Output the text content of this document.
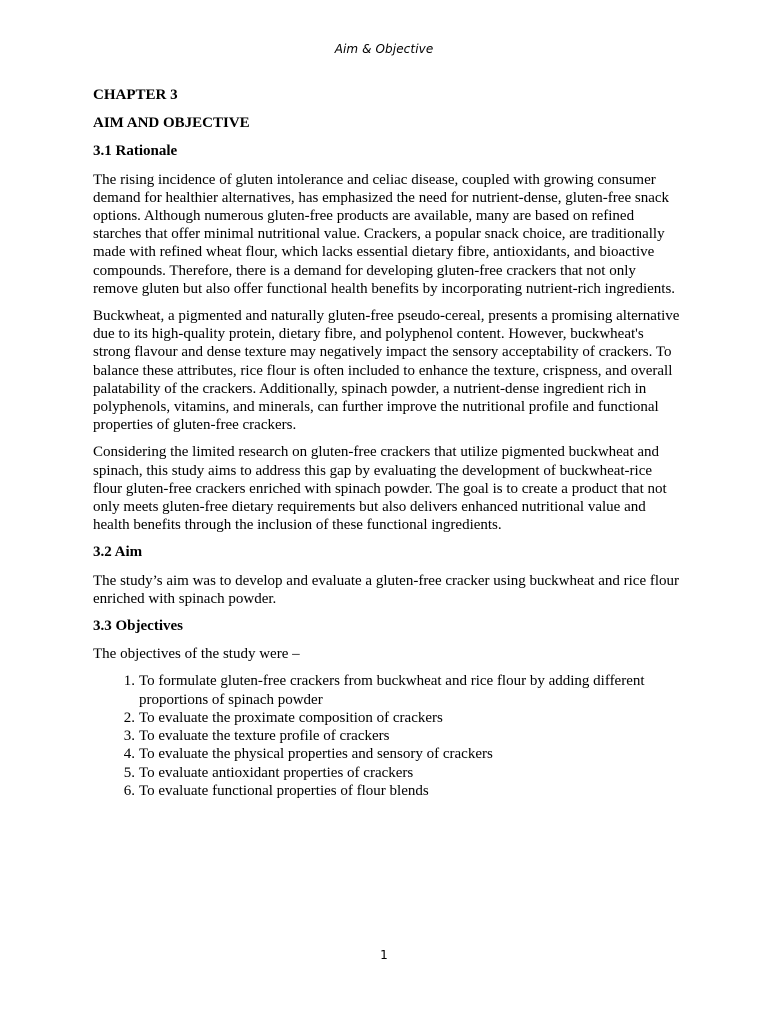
Aim & Objective
CHAPTER 3
AIM AND OBJECTIVE
3.1 Rationale

The rising incidence of gluten intolerance and celiac disease, coupled with growing consumer demand for healthier alternatives, has emphasized the need for nutrient-dense, gluten-free snack options. Although numerous gluten-free products are available, many are based on refined starches that offer minimal nutritional value. Crackers, a popular snack choice, are traditionally made with refined wheat flour, which lacks essential dietary fibre, antioxidants, and bioactive compounds. Therefore, there is a demand for developing gluten-free crackers that not only remove gluten but also offer functional health benefits by incorporating nutrient-rich ingredients.

Buckwheat, a pigmented and naturally gluten-free pseudo-cereal, presents a promising alternative due to its high-quality protein, dietary fibre, and polyphenol content. However, buckwheat's strong flavour and dense texture may negatively impact the sensory acceptability of crackers. To balance these attributes, rice flour is often included to enhance the texture, crispness, and overall palatability of the crackers. Additionally, spinach powder, a nutrient-dense ingredient rich in polyphenols, vitamins, and minerals, can further improve the nutritional profile and functional properties of gluten-free crackers.

Considering the limited research on gluten-free crackers that utilize pigmented buckwheat and spinach, this study aims to address this gap by evaluating the development of buckwheat-rice flour gluten-free crackers enriched with spinach powder. The goal is to create a product that not only meets gluten-free dietary requirements but also delivers enhanced nutritional value and health benefits through the inclusion of these functional ingredients.

3.2 Aim

The study’s aim was to develop and evaluate a gluten-free cracker using buckwheat and rice flour enriched with spinach powder.

3.3 Objectives

The objectives of the study were –

1. To formulate gluten-free crackers from buckwheat and rice flour by adding different proportions of spinach powder
2. To evaluate the proximate composition of crackers
3. To evaluate the texture profile of crackers
4. To evaluate the physical properties and sensory of crackers
5. To evaluate antioxidant properties of crackers
6. To evaluate functional properties of flour blends
1
